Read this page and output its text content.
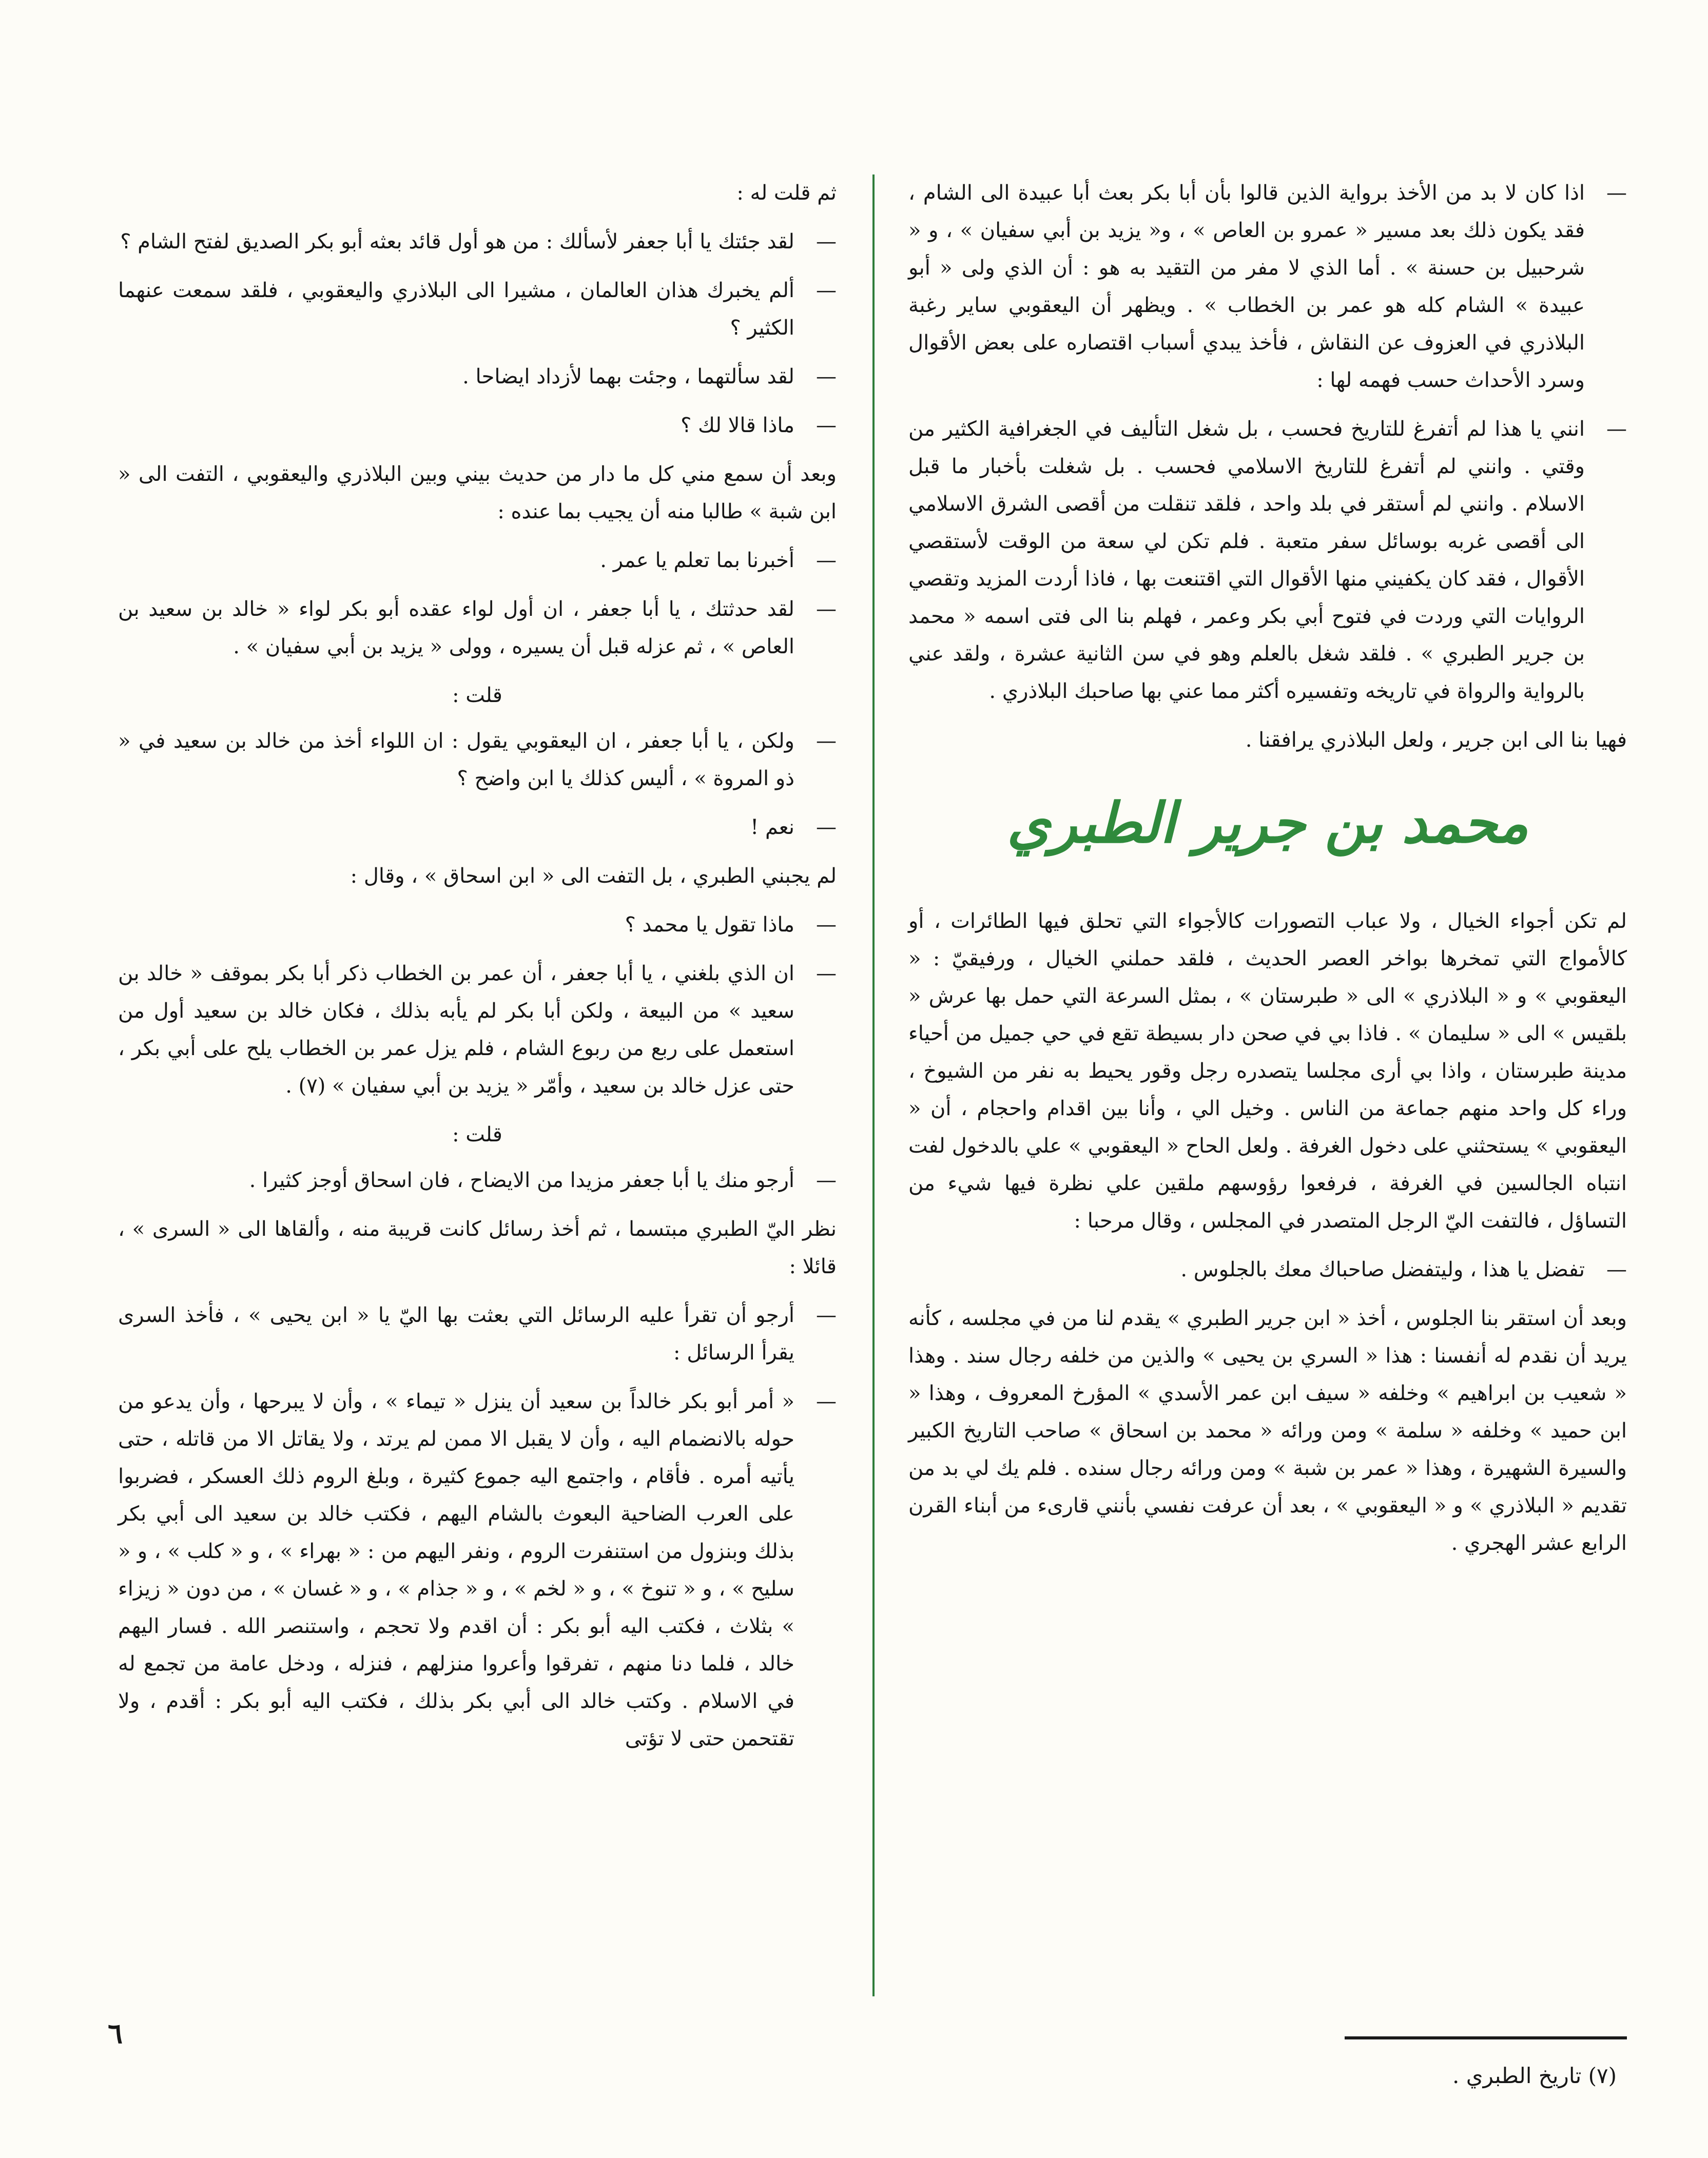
— اذا كان لا بد من الأخذ برواية الذين قالوا بأن أبا بكر بعث أبا عبيدة الى الشام ، فقد يكون ذلك بعد مسير « عمرو بن العاص » ، و« يزيد بن أبي سفيان » ، و « شرحبيل بن حسنة » . أما الذي لا مفر من التقيد به هو : أن الذي ولى « أبو عبيدة » الشام كله هو عمر بن الخطاب » . ويظهر أن اليعقوبي ساير رغبة البلاذري في العزوف عن النقاش ، فأخذ يبدي أسباب اقتصاره على بعض الأقوال وسرد الأحداث حسب فهمه لها :
— انني يا هذا لم أتفرغ للتاريخ فحسب ، بل شغل التأليف في الجغرافية الكثير من وقتي . وانني لم أتفرغ للتاريخ الاسلامي فحسب . بل شغلت بأخبار ما قبل الاسلام . وانني لم أستقر في بلد واحد ، فلقد تنقلت من أقصى الشرق الاسلامي الى أقصى غربه بوسائل سفر متعبة . فلم تكن لي سعة من الوقت لأستقصي الأقوال ، فقد كان يكفيني منها الأقوال التي اقتنعت بها ، فاذا أردت المزيد وتقصي الروايات التي وردت في فتوح أبي بكر وعمر ، فهلم بنا الى فتى اسمه « محمد بن جرير الطبري » . فلقد شغل بالعلم وهو في سن الثانية عشرة ، ولقد عني بالرواية والرواة في تاريخه وتفسيره أكثر مما عني بها صاحبك البلاذري .

فهيا بنا الى ابن جرير ، ولعل البلاذري يرافقنا .

محمد بن جرير الطبري

لم تكن أجواء الخيال ، ولا عباب التصورات كالأجواء التي تحلق فيها الطائرات ، أو كالأمواج التي تمخرها بواخر العصر الحديث ، فلقد حملني الخيال ، ورفيقيّ : « اليعقوبي » و « البلاذري » الى « طبرستان » ، بمثل السرعة التي حمل بها عرش « بلقيس » الى « سليمان » . فاذا بي في صحن دار بسيطة تقع في حي جميل من أحياء مدينة طبرستان ، واذا بي أرى مجلسا يتصدره رجل وقور يحيط به نفر من الشيوخ ، وراء كل واحد منهم جماعة من الناس . وخيل الي ، وأنا بين اقدام واحجام ، أن « اليعقوبي » يستحثني على دخول الغرفة . ولعل الحاح « اليعقوبي » علي بالدخول لفت انتباه الجالسين في الغرفة ، فرفعوا رؤوسهم ملقين علي نظرة فيها شيء من التساؤل ، فالتفت اليّ الرجل المتصدر في المجلس ، وقال مرحبا :

— تفضل يا هذا ، وليتفضل صاحباك معك بالجلوس .

وبعد أن استقر بنا الجلوس ، أخذ « ابن جرير الطبري » يقدم لنا من في مجلسه ، كأنه يريد أن نقدم له أنفسنا : هذا « السري بن يحيى » والذين من خلفه رجال سند . وهذا « شعيب بن ابراهيم » وخلفه « سيف ابن عمر الأسدي » المؤرخ المعروف ، وهذا « ابن حميد » وخلفه « سلمة » ومن ورائه « محمد بن اسحاق » صاحب التاريخ الكبير والسيرة الشهيرة ، وهذا « عمر بن شبة » ومن ورائه رجال سنده . فلم يك لي بد من تقديم « البلاذري » و « اليعقوبي » ، بعد أن عرفت نفسي بأنني قارىء من أبناء القرن الرابع عشر الهجري .

ثم قلت له :

— لقد جئتك يا أبا جعفر لأسألك : من هو أول قائد بعثه أبو بكر الصديق لفتح الشام ؟
— ألم يخبرك هذان العالمان ، مشيرا الى البلاذري واليعقوبي ، فلقد سمعت عنهما الكثير ؟
— لقد سألتهما ، وجئت بهما لأزداد ايضاحا .
— ماذا قالا لك ؟

وبعد أن سمع مني كل ما دار من حديث بيني وبين البلاذري واليعقوبي ، التفت الى « ابن شبة » طالبا منه أن يجيب بما عنده :

— أخبرنا بما تعلم يا عمر .
— لقد حدثتك ، يا أبا جعفر ، ان أول لواء عقده أبو بكر لواء « خالد بن سعيد بن العاص » ، ثم عزله قبل أن يسيره ، وولى « يزيد بن أبي سفيان » .

قلت :

— ولكن ، يا أبا جعفر ، ان اليعقوبي يقول : ان اللواء أخذ من خالد بن سعيد في « ذو المروة » ، أليس كذلك يا ابن واضح ؟
— نعم !

لم يجبني الطبري ، بل التفت الى « ابن اسحاق » ، وقال :

— ماذا تقول يا محمد ؟
— ان الذي بلغني ، يا أبا جعفر ، أن عمر بن الخطاب ذكر أبا بكر بموقف « خالد بن سعيد » من البيعة ، ولكن أبا بكر لم يأبه بذلك ، فكان خالد بن سعيد أول من استعمل على ربع من ربوع الشام ، فلم يزل عمر بن الخطاب يلح على أبي بكر ، حتى عزل خالد بن سعيد ، وأمّر « يزيد بن أبي سفيان » (٧) .

قلت :

— أرجو منك يا أبا جعفر مزيدا من الايضاح ، فان اسحاق أوجز كثيرا .

نظر اليّ الطبري مبتسما ، ثم أخذ رسائل كانت قريبة منه ، وألقاها الى « السرى » ، قائلا :

— أرجو أن تقرأ عليه الرسائل التي بعثت بها اليّ يا « ابن يحيى » ، فأخذ السرى يقرأ الرسائل :
— « أمر أبو بكر خالداً بن سعيد أن ينزل « تيماء » ، وأن لا يبرحها ، وأن يدعو من حوله بالانضمام اليه ، وأن لا يقبل الا ممن لم يرتد ، ولا يقاتل الا من قاتله ، حتى يأتيه أمره . فأقام ، واجتمع اليه جموع كثيرة ، وبلغ الروم ذلك العسكر ، فضربوا على العرب الضاحية البعوث بالشام اليهم ، فكتب خالد بن سعيد الى أبي بكر بذلك وبنزول من استنفرت الروم ، ونفر اليهم من : « بهراء » ، و « كلب » ، و « سليح » ، و « تنوخ » ، و « لخم » ، و « جذام » ، و « غسان » ، من دون « زيزاء » بثلاث ، فكتب اليه أبو بكر : أن اقدم ولا تحجم ، واستنصر الله . فسار اليهم خالد ، فلما دنا منهم ، تفرقوا وأعروا منزلهم ، فنزله ، ودخل عامة من تجمع له في الاسلام . وكتب خالد الى أبي بكر بذلك ، فكتب اليه أبو بكر : أقدم ، ولا تقتحمن حتى لا تؤتى
٦
(٧) تاريخ الطبري .
